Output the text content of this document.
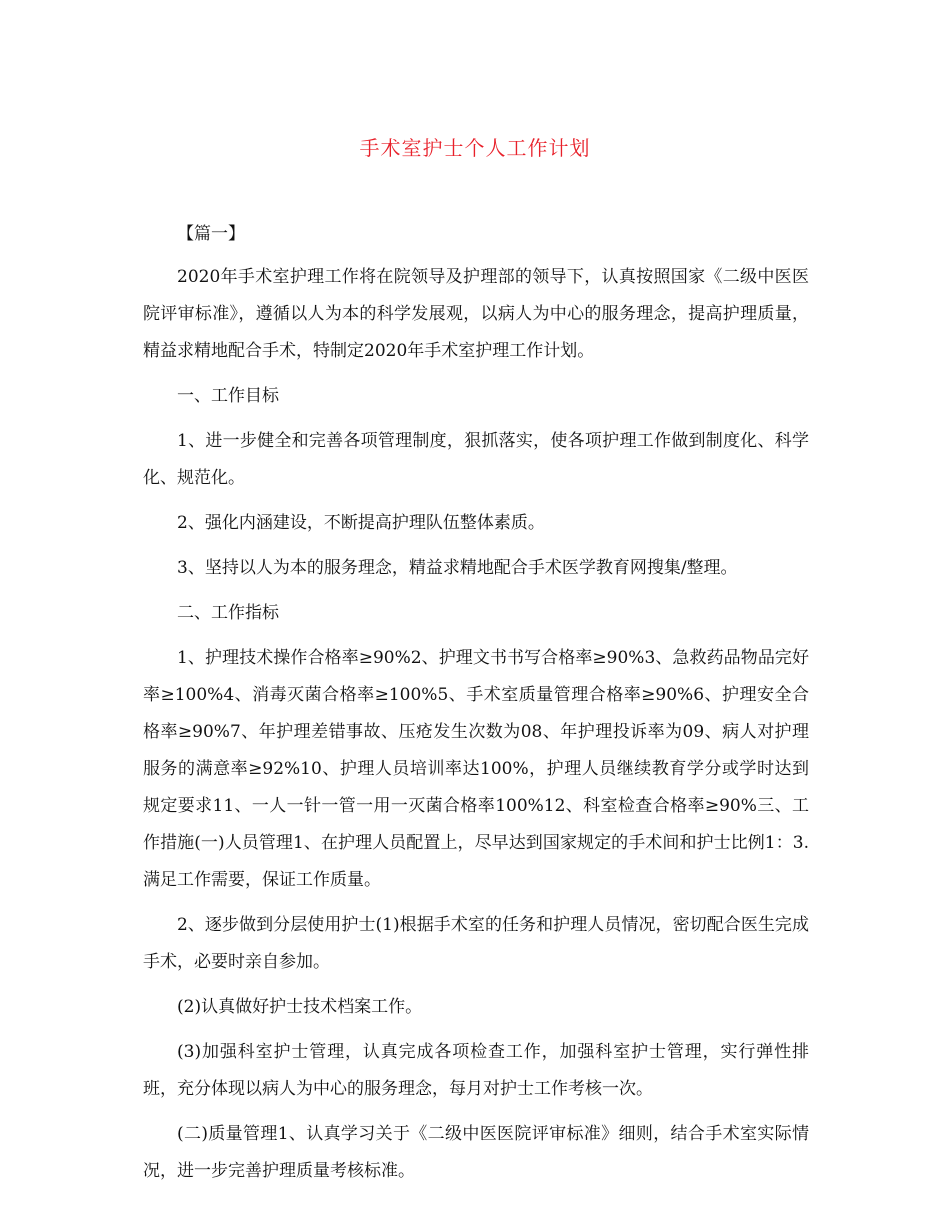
手术室护士个人工作计划

【篇一】

2020年手术室护理工作将在院领导及护理部的领导下，认真按照国家《二级中医医院评审标准》，遵循以人为本的科学发展观，以病人为中心的服务理念，提高护理质量，精益求精地配合手术，特制定2020年手术室护理工作计划。

一、工作目标

1、进一步健全和完善各项管理制度，狠抓落实，使各项护理工作做到制度化、科学化、规范化。

2、强化内涵建设，不断提高护理队伍整体素质。

3、坚持以人为本的服务理念，精益求精地配合手术医学教育网搜集/整理。

二、工作指标

1、护理技术操作合格率≥90%2、护理文书书写合格率≥90%3、急救药品物品完好率≥100%4、消毒灭菌合格率≥100%5、手术室质量管理合格率≥90%6、护理安全合格率≥90%7、年护理差错事故、压疮发生次数为08、年护理投诉率为09、病人对护理服务的满意率≥92%10、护理人员培训率达100%，护理人员继续教育学分或学时达到规定要求11、一人一针一管一用一灭菌合格率100%12、科室检查合格率≥90%三、工作措施(一)人员管理1、在护理人员配置上，尽早达到国家规定的手术间和护士比例1：3.满足工作需要，保证工作质量。

2、逐步做到分层使用护士(1)根据手术室的任务和护理人员情况，密切配合医生完成手术，必要时亲自参加。

(2)认真做好护士技术档案工作。

(3)加强科室护士管理，认真完成各项检查工作，加强科室护士管理，实行弹性排班，充分体现以病人为中心的服务理念，每月对护士工作考核一次。

(二)质量管理1、认真学习关于《二级中医医院评审标准》细则，结合手术室实际情况，进一步完善护理质量考核标准。
